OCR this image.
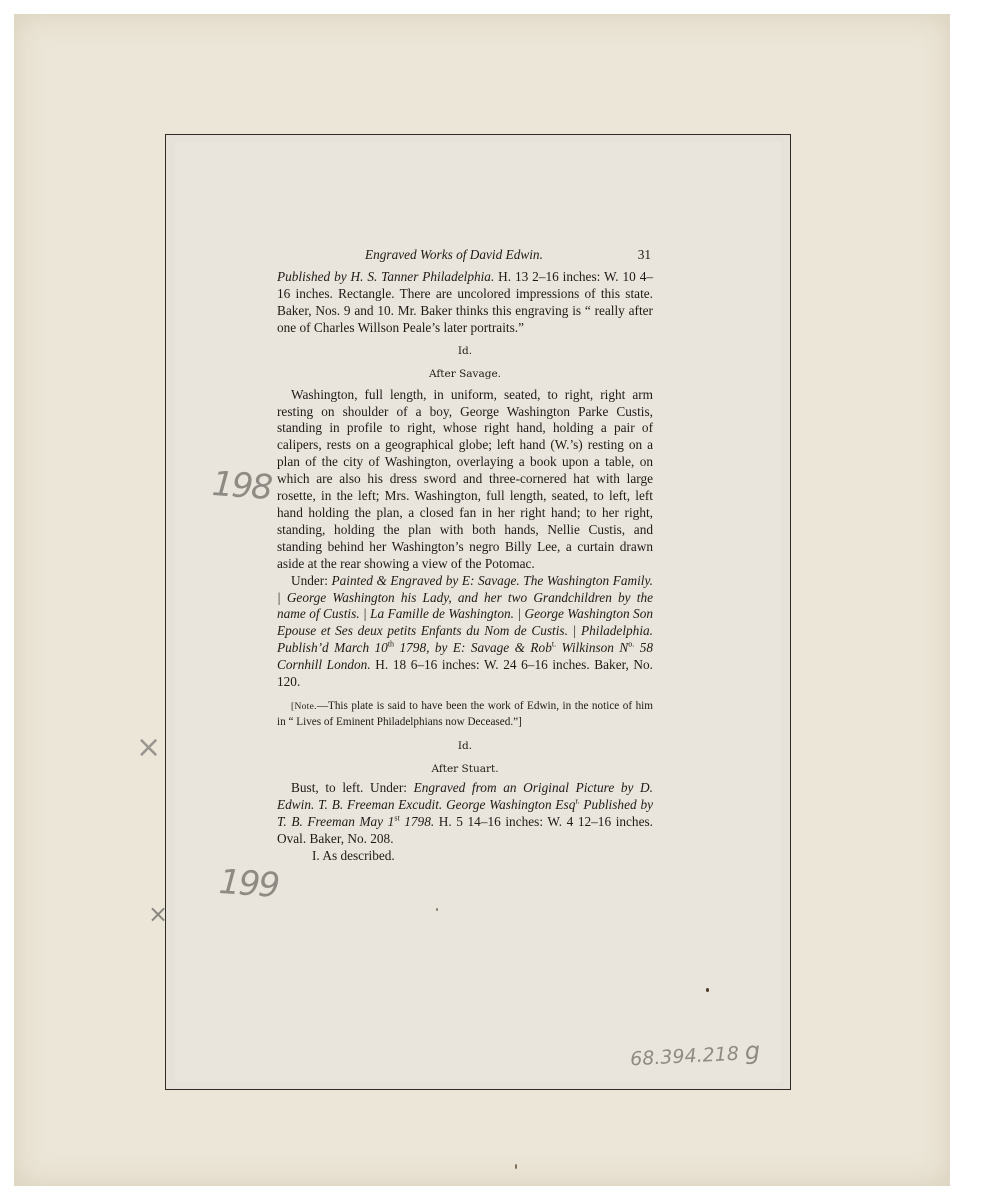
Engraved Works of David Edwin.	31

Published by H. S. Tanner Philadelphia. H. 13 2–16 inches: W. 10 4–16 inches. Rectangle. There are uncolored impressions of this state. Baker, Nos. 9 and 10. Mr. Baker thinks this engraving is “ really after one of Charles Willson Peale’s later portraits.”

Id.
After Savage.

Washington, full length, in uniform, seated, to right, right arm resting on shoulder of a boy, George Washington Parke Custis, standing in profile to right, whose right hand, holding a pair of calipers, rests on a geographical globe; left hand (W.’s) resting on a plan of the city of Washington, overlaying a book upon a table, on which are also his dress sword and three-cornered hat with large rosette, in the left; Mrs. Washington, full length, seated, to left, left hand holding the plan, a closed fan in her right hand; to her right, standing, holding the plan with both hands, Nellie Custis, and standing behind her Washington’s negro Billy Lee, a curtain drawn aside at the rear showing a view of the Potomac.

Under: Painted & Engraved by E: Savage. The Washington Family. | George Washington his Lady, and her two Grandchildren by the name of Custis. | La Famille de Washington. | George Washington Son Epouse et Ses deux petits Enfants du Nom de Custis. | Philadelphia. Publish’d March 10th 1798, by E: Savage & Rob$^{t.}$ Wilkinson $N^{o.}$ 58 Cornhill London. H. 18 6–16 inches: W. 24 6–16 inches. Baker, No. 120.

[Note.—This plate is said to have been the work of Edwin, in the notice of him in “ Lives of Eminent Philadelphians now Deceased.”]

Id.
After Stuart.

Bust, to left. Under: Engraved from an Original Picture by D. Edwin. T. B. Freeman Excudit. George Washington Esq$^{r.}$ Published by T. B. Freeman May 1st 1798. H. 5 14–16 inches: W. 4 12–16 inches. Oval. Baker, No. 208.

I. As described.

198
199
×
×
68.394.218 g
